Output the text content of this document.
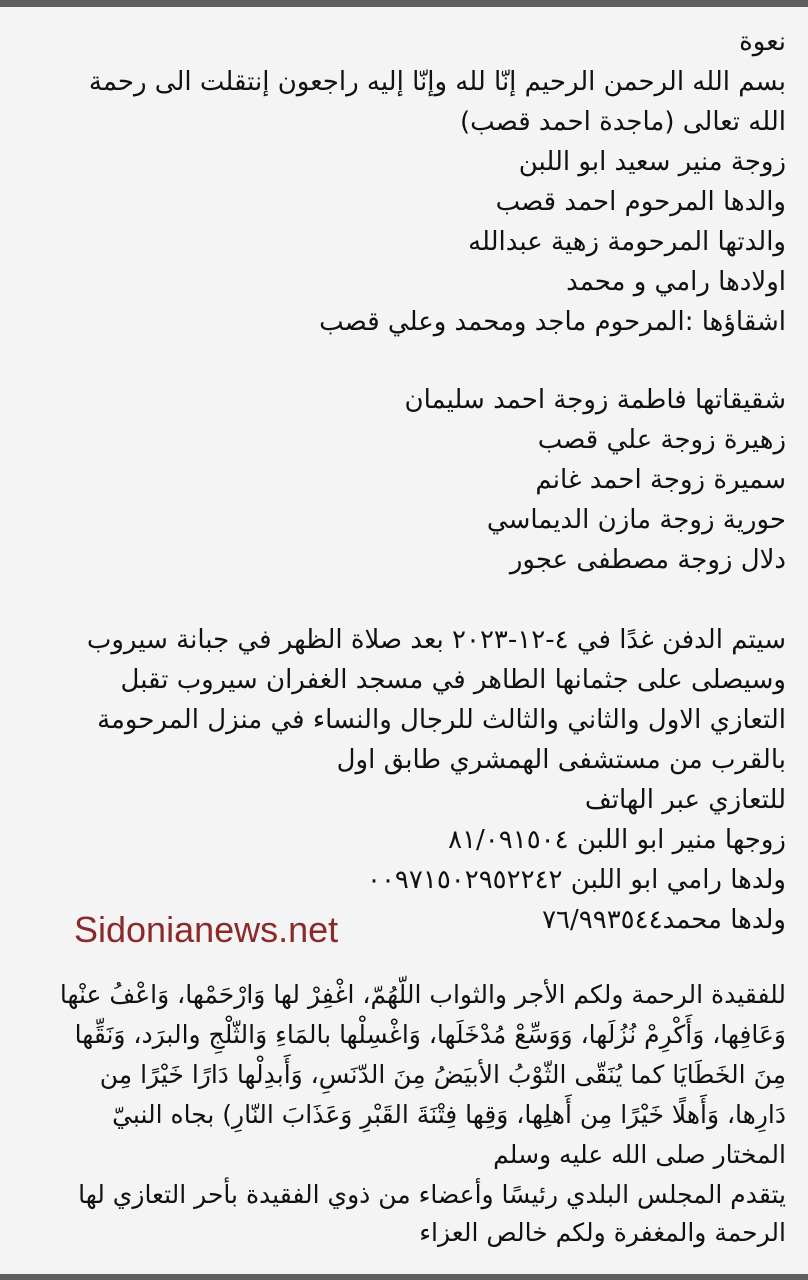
نعوة
بسم الله الرحمن الرحيم إنّا لله وإنّا إليه راجعون إنتقلت الى رحمة
الله تعالى (ماجدة احمد قصب)
زوجة منير سعيد ابو اللبن
والدها المرحوم احمد قصب
والدتها المرحومة زهية عبدالله
اولادها رامي و محمد
اشقاؤها :المرحوم ماجد ومحمد وعلي قصب
شقيقاتها فاطمة زوجة احمد سليمان
زهيرة زوجة علي قصب
سميرة زوجة احمد غانم
حورية زوجة مازن الديماسي
دلال زوجة مصطفى عجور
سيتم الدفن غدًا في ٤-١٢-٢٠٢٣ بعد صلاة الظهر في جبانة سيروب
وسيصلى على جثمانها الطاهر في مسجد الغفران سيروب تقبل
التعازي الاول والثاني والثالث للرجال والنساء في منزل المرحومة
بالقرب من مستشفى الهمشري طابق اول
للتعازي عبر الهاتف
زوجها منير ابو اللبن ٨١/٠٩١٥٠٤
ولدها رامي ابو اللبن ٠٠٩٧١٥٠٢٩٥٢٢٤٢
ولدها محمد٧٦/٩٩٣٥٤٤
للفقيدة الرحمة ولكم الأجر والثواب اللّهُمّ، اغْفِرْ لها وَارْحَمْها، وَاعْفُ عنْها
وَعَافِها، وَأَكْرِمْ نُزُلَها، وَوَسِّعْ مُدْخَلَها، وَاغْسِلْها بالمَاءِ وَالثّلْجِ والبرَد، وَنَقِّها
مِنَ الخَطَايَا كما يُنَقّى الثّوْبُ الأبيَضُ مِنَ الدّنَسِ، وَأَبدِلْها دَارًا خَيْرًا مِن
دَارِها، وَأَهلًا خَيْرًا مِن أَهلِها، وَقِها فِتْنَةَ القَبْرِ وَعَذَابَ النّارِ) بجاه النبيّ
المختار صلى الله عليه وسلم
يتقدم المجلس البلدي رئيسًا وأعضاء من ذوي الفقيدة بأحر التعازي لها
الرحمة والمغفرة ولكم خالص العزاء
Sidonianews.net
